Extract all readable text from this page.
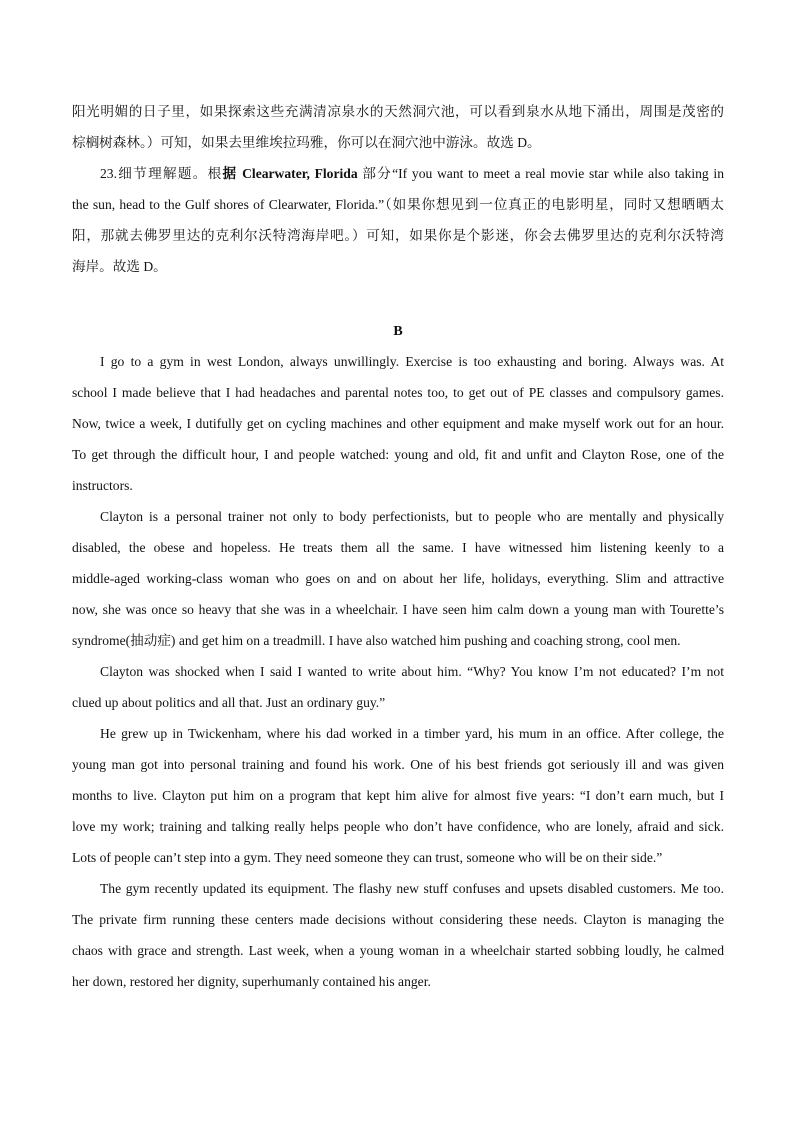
阳光明媚的日子里，如果探索这些充满清凉泉水的天然洞穴池，可以看到泉水从地下涌出，周围是茂密的

棕榈树森林。）可知，如果去里维埃拉玛雅，你可以在洞穴池中游泳。故选 D。

23.细节理解题。根据 Clearwater, Florida 部分“If you want to meet a real movie star while also taking in

the sun, head to the Gulf shores of Clearwater, Florida.”（如果你想见到一位真正的电影明星，同时又想晒晒太

阳，那就去佛罗里达的克利尔沃特湾海岸吧。）可知，如果你是个影迷，你会去佛罗里达的克利尔沃特湾

海岸。故选 D。

B

I go to a gym in west London, always unwillingly. Exercise is too exhausting and boring. Always was. At

school I made believe that I had headaches and parental notes too, to get out of PE classes and compulsory games.

Now, twice a week, I dutifully get on cycling machines and other equipment and make myself work out for an hour.

To get through the difficult hour, I and people watched: young and old, fit and unfit and Clayton Rose, one of the

instructors.

Clayton is a personal trainer not only to body perfectionists, but to people who are mentally and physically

disabled, the obese and hopeless. He treats them all the same. I have witnessed him listening keenly to a

middle-aged working-class woman who goes on and on about her life, holidays, everything. Slim and attractive

now, she was once so heavy that she was in a wheelchair. I have seen him calm down a young man with Tourette’s

syndrome(抽动症) and get him on a treadmill. I have also watched him pushing and coaching strong, cool men.

Clayton was shocked when I said I wanted to write about him. “Why? You know I’m not educated? I’m not

clued up about politics and all that. Just an ordinary guy.”

He grew up in Twickenham, where his dad worked in a timber yard, his mum in an office. After college, the

young man got into personal training and found his work. One of his best friends got seriously ill and was given

months to live. Clayton put him on a program that kept him alive for almost five years: “I don’t earn much, but I

love my work; training and talking really helps people who don’t have confidence, who are lonely, afraid and sick.

Lots of people can’t step into a gym. They need someone they can trust, someone who will be on their side.”

The gym recently updated its equipment. The flashy new stuff confuses and upsets disabled customers. Me too.

The private firm running these centers made decisions without considering these needs. Clayton is managing the

chaos with grace and strength. Last week, when a young woman in a wheelchair started sobbing loudly, he calmed

her down, restored her dignity, superhumanly contained his anger.
